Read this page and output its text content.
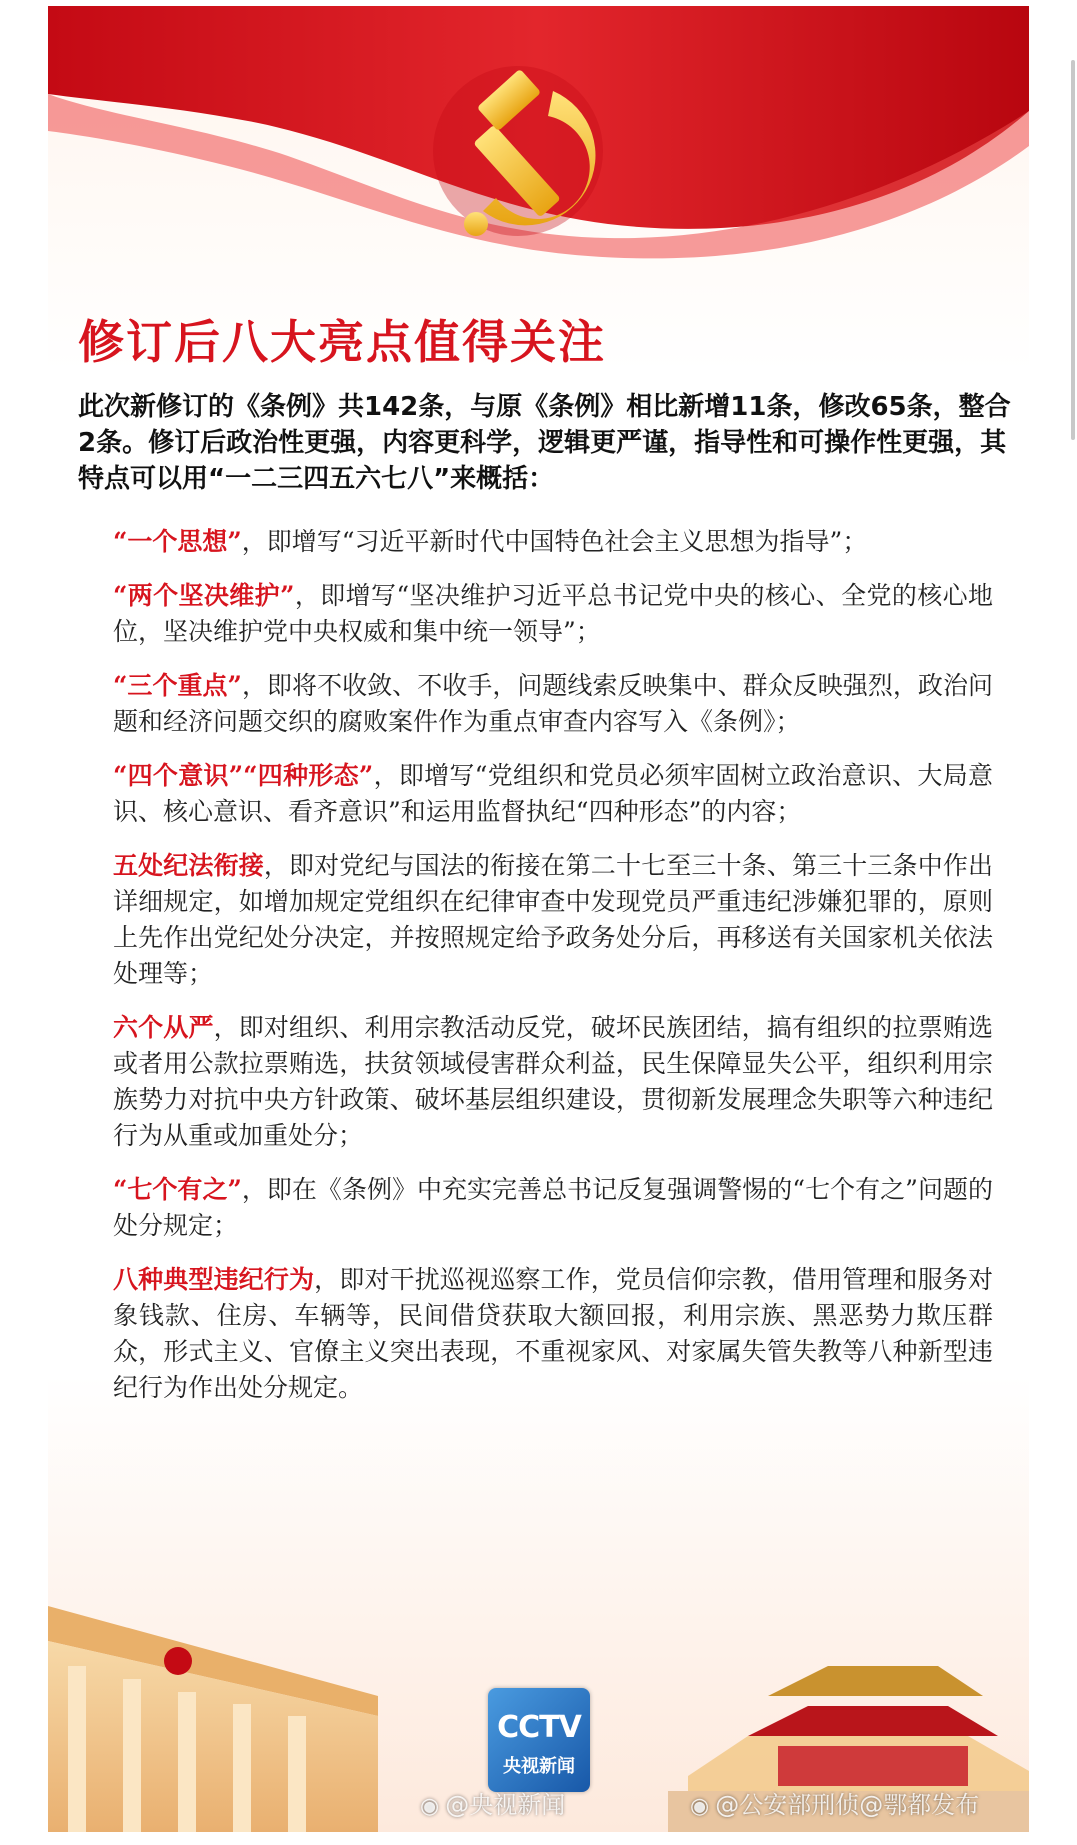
修订后八大亮点值得关注

此次新修订的《条例》共142条，与原《条例》相比新增11条，修改65条，整合2条。修订后政治性更强，内容更科学，逻辑更严谨，指导性和可操作性更强，其特点可以用“一二三四五六七八”来概括：

“一个思想”，即增写“习近平新时代中国特色社会主义思想为指导”；

“两个坚决维护”，即增写“坚决维护习近平总书记党中央的核心、全党的核心地位，坚决维护党中央权威和集中统一领导”；

“三个重点”，即将不收敛、不收手，问题线索反映集中、群众反映强烈，政治问题和经济问题交织的腐败案件作为重点审查内容写入《条例》；

“四个意识”“四种形态”，即增写“党组织和党员必须牢固树立政治意识、大局意识、核心意识、看齐意识”和运用监督执纪“四种形态”的内容；

五处纪法衔接，即对党纪与国法的衔接在第二十七至三十条、第三十三条中作出详细规定，如增加规定党组织在纪律审查中发现党员严重违纪涉嫌犯罪的，原则上先作出党纪处分决定，并按照规定给予政务处分后，再移送有关国家机关依法处理等；

六个从严，即对组织、利用宗教活动反党，破坏民族团结，搞有组织的拉票贿选或者用公款拉票贿选，扶贫领域侵害群众利益，民生保障显失公平，组织利用宗族势力对抗中央方针政策、破坏基层组织建设，贯彻新发展理念失职等六种违纪行为从重或加重处分；

“七个有之”，即在《条例》中充实完善总书记反复强调警惕的“七个有之”问题的处分规定；

八种典型违纪行为，即对干扰巡视巡察工作，党员信仰宗教，借用管理和服务对象钱款、住房、车辆等，民间借贷获取大额回报，利用宗族、黑恶势力欺压群众，形式主义、官僚主义突出表现，不重视家风、对家属失管失教等八种新型违纪行为作出处分规定。

CCTV
央视新闻
◉ @央视新闻	◉ @公安部刑侦@鄂都发布
